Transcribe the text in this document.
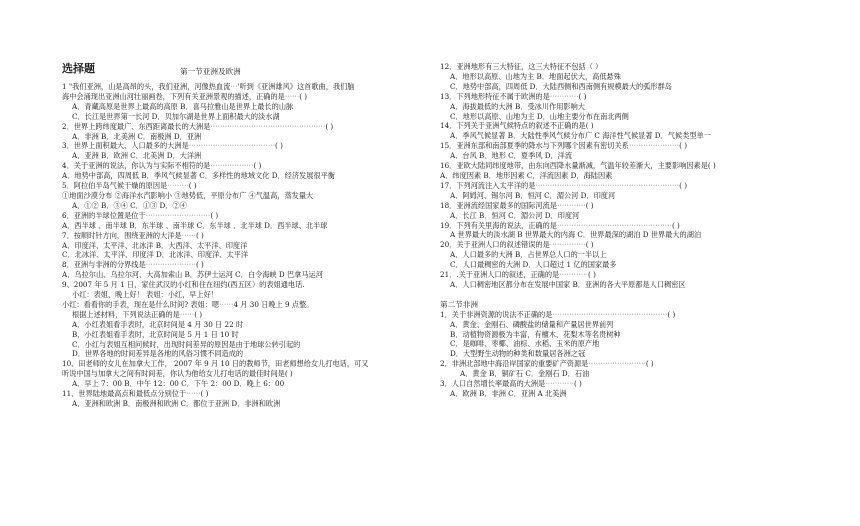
选择题	第一节亚洲及欧洲
1 "我们亚洲，山是高昂的头，我们亚洲，河像热血流⋯'听到《亚洲雄风》这首歌曲，我们脑
海中会涌现出亚洲山河壮丽画卷，下列有关亚洲景观的描述，正确的是⋯⋯( )
A．青藏高原是世界上最高的高原 B．喜马拉雅山是世界上最长的山脉
C．长江是世界第一长河 D．贝加尔湖是世界上面积最大的淡水湖
2．世界上跨纬度最广、东西距离最长的大洲是⋯⋯⋯⋯⋯⋯⋯⋯⋯⋯⋯⋯⋯⋯⋯⋯( )
A．非洲 B．北美洲 C．南极洲 D．亚洲
3．世界上面积最大、人口最多的大洲是⋯⋯⋯⋯⋯⋯⋯⋯⋯⋯⋯⋯( )
A．亚洲 B．欧洲 C．北美洲 D．大洋洲
4．关于亚洲的说法，你认为与实际不相符的是⋯⋯⋯⋯⋯⋯( )
A．地势中部高，四周低 B．季风气候显著 C．多样性的地域文化 D．经济发展很平衡
5．阿拉伯半岛气候干燥的原因是⋯⋯⋯( )
①地面沙漠分布 ②海洋水汽影响小 ③地势低，平原分布广 ④气温高，蒸发量大
A．①② B．③④ C．①③ D．②④
6．亚洲的半球位置是位于⋯⋯⋯⋯⋯⋯⋯⋯⋯( )
A．西半球 、南半球 B．东半球 、南半球 C．东半球 、北半球 D．西半球、北半球
7．按顺时针方向，围绕亚洲的大洋是⋯⋯( )
A．印度洋、太平洋、北冰洋 B．大西洋、太平洋、印度洋
C．北冰洋、太平洋、印度洋 D．北冰洋、印度洋、太平洋
8．亚洲与非洲的分界线是⋯⋯⋯⋯⋯⋯⋯( )
A．乌拉尔山、乌拉尔河、大高加索山 B．苏伊士运河 C．白令海峡 D 巴拿马运河
9、2007 年 5 月 1 日，家住武汉的小红和住在纽约(西五区）的表姐通电话.
小红：表姐，晚上好！ 表姐：小红，早上好！
小红：看看你的手表，现在是什么时间? 表姐：嗯⋯⋯4 月 30 日晚上 9 点整。
根据上述材料，下列说法正确的是⋯⋯( )
A．小红表姐看手表时，北京时间是 4 月 30 日 22 时
B．小红表姐看手表时，北京时间是 5 月 1 日 10 时
C．小红与表姐互相问候时，出现时间差异的原因是由于地球公转引起的
D．世界各地的时间差异是各地的风俗习惯不同造成的
10、田老师的女儿在加拿大工作， 2007 年 9 月 10 日的教师节，田老师想给女儿打电话，可又
听说中国与加拿大之间有时间差，你认为他给女儿打电话的最佳时间是( )
A．早上 7：00 B．中午 12：00 C．下午 2：00 D．晚上 6：00
11、世界陆地最高点和最低点分别位于⋯⋯( )
A．亚洲和欧洲 B．南极洲和欧洲 C．都位于亚洲 D．非洲和欧洲
12．亚洲地形有三大特征，这三大特征不包括（ ）
A．地形以高原、山地为主 B．地面起伏大，高低悬殊
C．地势中部高，四周低 D．大陆西侧和西南侧有规模最大的弧形群岛
13．下列地形特征不属于欧洲的是⋯⋯⋯⋯( )
A．海拔最低的大洲 B．受冰川作用影响大
C．地形以高原、山地为主 D．山地主要分布在南北两侧
14．下列关于亚洲气候特点的叙述不正确的是( )
A．季风气候显著 B．大陆性季风气候分布广 C 海洋性气候显著 D．气候类型单一
15．亚洲东部和南部夏季的降水与下列哪个因素有密切关系⋯⋯⋯⋯⋯⋯⋯( )
A．台风 B．地形 C．夏季风 D．洋流
16．亚欧大陆同纬度地带，由东向西降水量渐减，气温年较差渐大，主要影响因素是( )
A．纬度因素 B．地形因素 C．洋流因素 D．海陆因素
17．下列河流注入太平洋的是⋯⋯⋯⋯⋯⋯⋯⋯⋯⋯⋯⋯⋯⋯⋯⋯⋯⋯⋯⋯( )
A．阿姆河、锡尔河 B．恒河 C．湄公河 D．印度河
18．亚洲流经国家最多的国际河流是⋯⋯⋯⋯( )
A．长江 B．恒河 C．湄公河 D．印度河
19．下列有关里海的说法，正确的是⋯⋯⋯⋯⋯⋯⋯⋯⋯⋯⋯⋯⋯⋯⋯⋯( )
A 世界最大的淡水湖 B 世界最大的内海 C．世界最深的湖泊 D 世界最大的湖泊
20．关于亚洲人口的叙述错误的是⋯⋯⋯⋯⋯( )
A．人口最多的大洲 B．占世界总人口的一半以上
C．人口最稠密的大洲 D．人口超过 1 亿的国家最多
21．.关于亚洲人口的叙述，正确的是⋯⋯⋯⋯( )
A．人口稠密地区都分布在发展中国家 B．亚洲的各大平原都是人口稠密区
第二节非洲
1．关于非洲资源的说法不正确的是⋯⋯⋯⋯⋯⋯⋯⋯⋯⋯⋯⋯⋯⋯⋯⋯( )
A．黄金、金刚石、磷酸盐的储量和产量居世界前列
B．动植物资源极为丰富，有檀木、花梨木等名贵树种
C．是咖啡、枣椰、油棕、水稻、玉米的原产地
D．大型野生动物的种类和数量居各洲之冠
2．非洲北部地中海沿岸国家的重要矿产资源是⋯⋯⋯⋯⋯⋯⋯⋯( )
A．黄金 B．铜矿石 C．金刚石 D．石油
3．人口自然增长率最高的大洲是⋯⋯⋯⋯( )
A．欧洲 B．非洲 C．亚洲 A 北美洲
